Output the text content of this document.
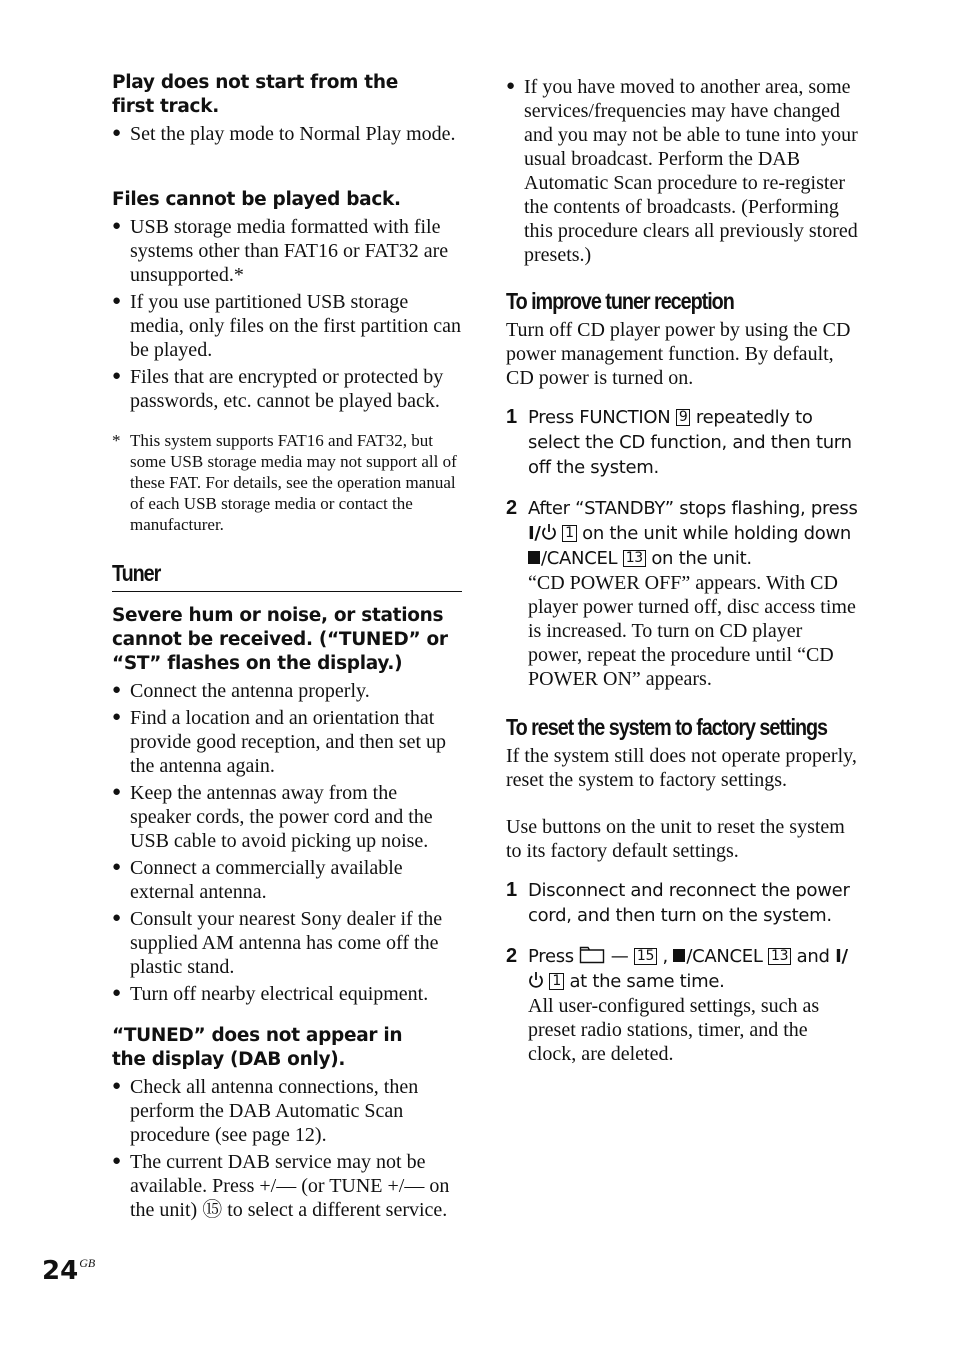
Play does not start from the first track.
● Set the play mode to Normal Play mode.
Files cannot be played back.
● USB storage media formatted with file systems other than FAT16 or FAT32 are unsupported.*
● If you use partitioned USB storage media, only files on the first partition can be played.
● Files that are encrypted or protected by passwords, etc. cannot be played back.
* This system supports FAT16 and FAT32, but some USB storage media may not support all of these FAT. For details, see the operation manual of each USB storage media or contact the manufacturer.
Tuner
Severe hum or noise, or stations cannot be received. (“TUNED” or “ST” flashes on the display.)
● Connect the antenna properly.
● Find a location and an orientation that provide good reception, and then set up the antenna again.
● Keep the antennas away from the speaker cords, the power cord and the USB cable to avoid picking up noise.
● Connect a commercially available external antenna.
● Consult your nearest Sony dealer if the supplied AM antenna has come off the plastic stand.
● Turn off nearby electrical equipment.
“TUNED” does not appear in the display (DAB only).
● Check all antenna connections, then perform the DAB Automatic Scan procedure (see page 12).
● The current DAB service may not be available. Press +/— (or TUNE +/— on the unit) ⑮ to select a different service.
● If you have moved to another area, some services/frequencies may have changed and you may not be able to tune into your usual broadcast. Perform the DAB Automatic Scan procedure to re-register the contents of broadcasts. (Performing this procedure clears all previously stored presets.)
To improve tuner reception
Turn off CD player power by using the CD power management function. By default, CD power is turned on.
1 Press FUNCTION 9 repeatedly to select the CD function, and then turn off the system.
2 After “STANDBY” stops flashing, press I/ 1 on the unit while holding down /CANCEL 13 on the unit.
“CD POWER OFF” appears. With CD player power turned off, disc access time is increased. To turn on CD player power, repeat the procedure until “CD POWER ON” appears.
To reset the system to factory settings
If the system still does not operate properly, reset the system to factory settings.
Use buttons on the unit to reset the system to its factory default settings.
1 Disconnect and reconnect the power cord, and then turn on the system.
2 Press — 15 , /CANCEL 13 and I/ 1 at the same time.
All user-configured settings, such as preset radio stations, timer, and the clock, are deleted.
$24^{GB}$
